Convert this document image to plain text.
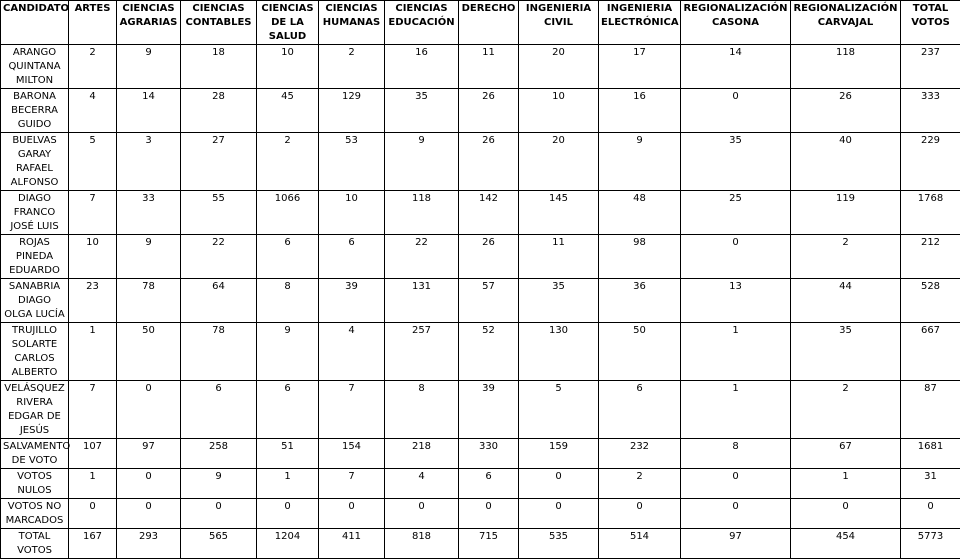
CANDIDATO	ARTES	CIENCIAS AGRARIAS	CIENCIAS CONTABLES	CIENCIAS DE LA SALUD	CIENCIAS HUMANAS	CIENCIAS EDUCACIÓN	DERECHO	INGENIERIA CIVIL	INGENIERIA ELECTRÓNICA	REGIONALIZACIÓN CASONA	REGIONALIZACIÓN CARVAJAL	TOTAL VOTOS
ARANGO QUINTANA MILTON	2	9	18	10	2	16	11	20	17	14	118	237
BARONA BECERRA GUIDO	4	14	28	45	129	35	26	10	16	0	26	333
BUELVAS GARAY RAFAEL ALFONSO	5	3	27	2	53	9	26	20	9	35	40	229
DIAGO FRANCO JOSÉ LUIS	7	33	55	1066	10	118	142	145	48	25	119	1768
ROJAS PINEDA EDUARDO	10	9	22	6	6	22	26	11	98	0	2	212
SANABRIA DIAGO OLGA LUCÍA	23	78	64	8	39	131	57	35	36	13	44	528
TRUJILLO SOLARTE CARLOS ALBERTO	1	50	78	9	4	257	52	130	50	1	35	667
VELÁSQUEZ RIVERA EDGAR DE JESÚS	7	0	6	6	7	8	39	5	6	1	2	87
SALVAMENTO DE VOTO	107	97	258	51	154	218	330	159	232	8	67	1681
VOTOS NULOS	1	0	9	1	7	4	6	0	2	0	1	31
VOTOS NO MARCADOS	0	0	0	0	0	0	0	0	0	0	0	0
TOTAL VOTOS	167	293	565	1204	411	818	715	535	514	97	454	5773
